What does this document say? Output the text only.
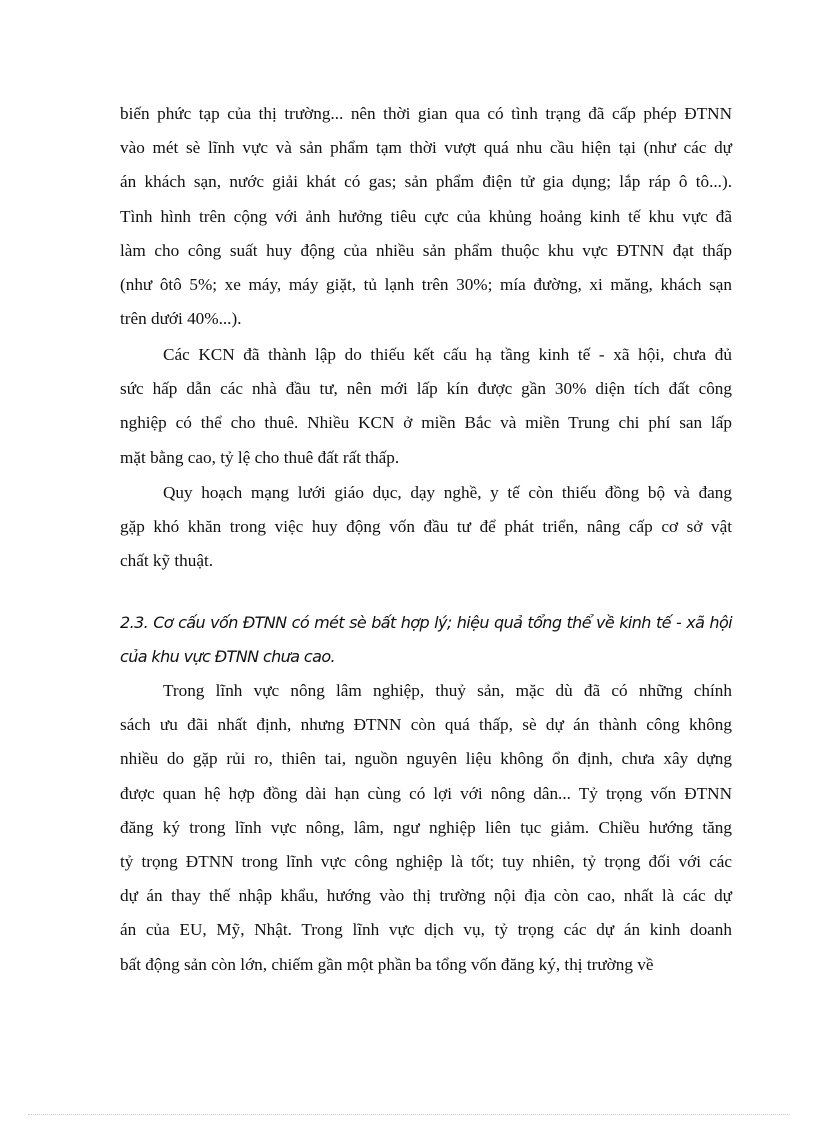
biến phức tạp của thị trường... nên thời gian qua có tình trạng đã cấp phép ĐTNN
vào mét sè lĩnh vực và sản phẩm tạm thời vượt quá nhu cầu hiện tại (như các dự
án khách sạn, nước giải khát có gas; sản phẩm điện tử gia dụng; lắp ráp ô tô...).
Tình hình trên cộng với ảnh hưởng tiêu cực của khủng hoảng kinh tế khu vực đã
làm cho công suất huy động của nhiều sản phẩm thuộc khu vực ĐTNN đạt thấp
(như ôtô 5%; xe máy, máy giặt, tủ lạnh trên 30%; mía đường, xi măng, khách sạn
trên dưới 40%...).
Các KCN đã thành lập do thiếu kết cấu hạ tầng kinh tế - xã hội, chưa đủ
sức hấp dẫn các nhà đầu tư, nên mới lấp kín được gần 30% diện tích đất công
nghiệp có thể cho thuê. Nhiều KCN ở miền Bắc và miền Trung chi phí san lấp
mặt bằng cao, tỷ lệ cho thuê đất rất thấp.
Quy hoạch mạng lưới giáo dục, dạy nghề, y tế còn thiếu đồng bộ và đang
gặp khó khăn trong việc huy động vốn đầu tư để phát triển, nâng cấp cơ sở vật
chất kỹ thuật.
2.3. Cơ cấu vốn ĐTNN có mét sè bất hợp lý; hiệu quả tổng thể về kinh tế - xã hội
của khu vực ĐTNN chưa cao.
Trong lĩnh vực nông lâm nghiệp, thuỷ sản, mặc dù đã có những chính
sách ưu đãi nhất định, nhưng ĐTNN còn quá thấp, sè dự án thành công không
nhiều do gặp rủi ro, thiên tai, nguồn nguyên liệu không ổn định, chưa xây dựng
được quan hệ hợp đồng dài hạn cùng có lợi với nông dân... Tỷ trọng vốn ĐTNN
đăng ký trong lĩnh vực nông, lâm, ngư nghiệp liên tục giảm. Chiều hướng tăng
tỷ trọng ĐTNN trong lĩnh vực công nghiệp là tốt; tuy nhiên, tỷ trọng đối với các
dự án thay thế nhập khẩu, hướng vào thị trường nội địa còn cao, nhất là các dự
án của EU, Mỹ, Nhật. Trong lĩnh vực dịch vụ, tỷ trọng các dự án kinh doanh
bất động sản còn lớn, chiếm gần một phần ba tổng vốn đăng ký, thị trường về
